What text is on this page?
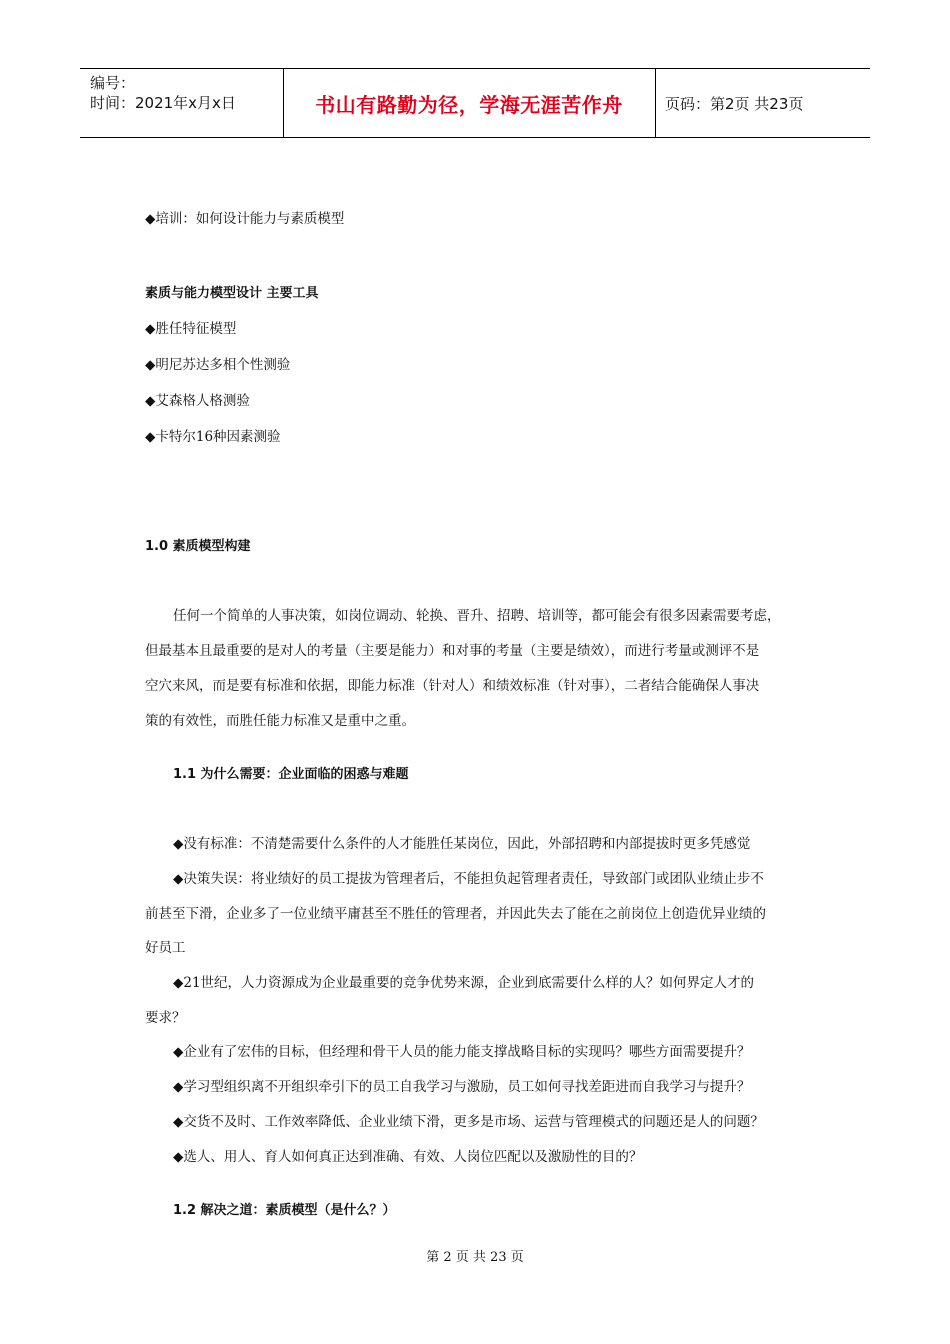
编号：
时间：2021年x月x日	书山有路勤为径，学海无涯苦作舟	页码：第2页 共23页
◆培训：如何设计能力与素质模型
素质与能力模型设计 主要工具
◆胜任特征模型
◆明尼苏达多相个性测验
◆艾森格人格测验
◆卡特尔16种因素测验
1.0 素质模型构建
任何一个简单的人事决策，如岗位调动、轮换、晋升、招聘、培训等，都可能会有很多因素需要考虑，
但最基本且最重要的是对人的考量（主要是能力）和对事的考量（主要是绩效），而进行考量或测评不是
空穴来风，而是要有标准和依据，即能力标准（针对人）和绩效标准（针对事），二者结合能确保人事决
策的有效性，而胜任能力标准又是重中之重。
1.1 为什么需要：企业面临的困惑与难题
◆没有标准：不清楚需要什么条件的人才能胜任某岗位，因此，外部招聘和内部提拔时更多凭感觉
◆决策失误：将业绩好的员工提拔为管理者后，不能担负起管理者责任，导致部门或团队业绩止步不
前甚至下滑，企业多了一位业绩平庸甚至不胜任的管理者，并因此失去了能在之前岗位上创造优异业绩的
好员工
◆21世纪，人力资源成为企业最重要的竞争优势来源，企业到底需要什么样的人？如何界定人才的
要求？
◆企业有了宏伟的目标，但经理和骨干人员的能力能支撑战略目标的实现吗？哪些方面需要提升？
◆学习型组织离不开组织牵引下的员工自我学习与激励，员工如何寻找差距进而自我学习与提升？
◆交货不及时、工作效率降低、企业业绩下滑，更多是市场、运营与管理模式的问题还是人的问题？
◆选人、用人、育人如何真正达到准确、有效、人岗位匹配以及激励性的目的？
1.2 解决之道：素质模型（是什么？）
第 2 页 共 23 页
